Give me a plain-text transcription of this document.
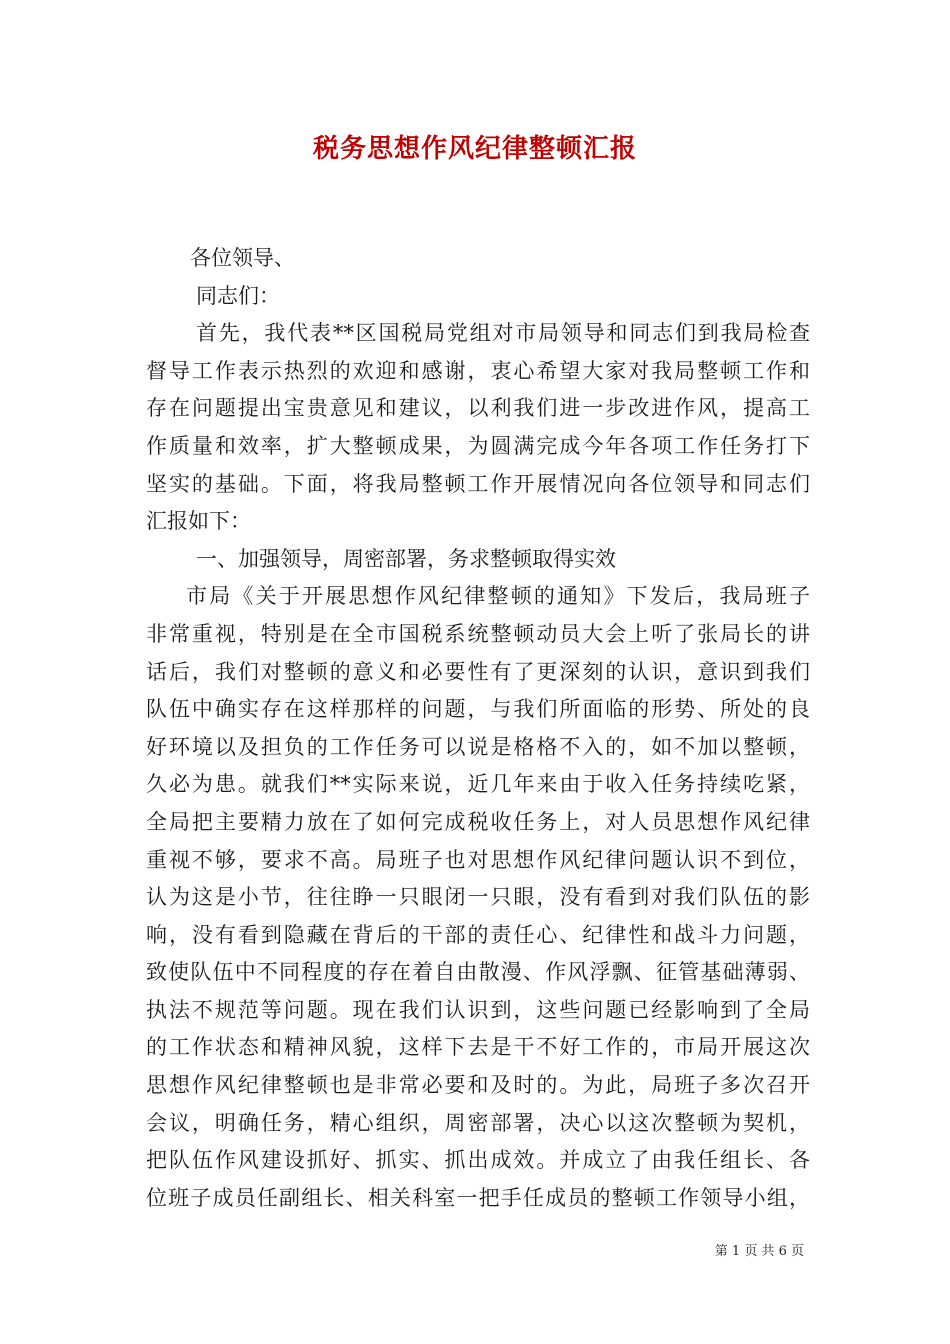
税务思想作风纪律整顿汇报
各位领导、
同志们：
首先，我代表**区国税局党组对市局领导和同志们到我局检查
督导工作表示热烈的欢迎和感谢，衷心希望大家对我局整顿工作和
存在问题提出宝贵意见和建议，以利我们进一步改进作风，提高工
作质量和效率，扩大整顿成果，为圆满完成今年各项工作任务打下
坚实的基础。下面，将我局整顿工作开展情况向各位领导和同志们
汇报如下：
一、加强领导，周密部署，务求整顿取得实效
市局《关于开展思想作风纪律整顿的通知》下发后，我局班子
非常重视，特别是在全市国税系统整顿动员大会上听了张局长的讲
话后，我们对整顿的意义和必要性有了更深刻的认识，意识到我们
队伍中确实存在这样那样的问题，与我们所面临的形势、所处的良
好环境以及担负的工作任务可以说是格格不入的，如不加以整顿，
久必为患。就我们**实际来说，近几年来由于收入任务持续吃紧，
全局把主要精力放在了如何完成税收任务上，对人员思想作风纪律
重视不够，要求不高。局班子也对思想作风纪律问题认识不到位，
认为这是小节，往往睁一只眼闭一只眼，没有看到对我们队伍的影
响，没有看到隐藏在背后的干部的责任心、纪律性和战斗力问题，
致使队伍中不同程度的存在着自由散漫、作风浮飘、征管基础薄弱、
执法不规范等问题。现在我们认识到，这些问题已经影响到了全局
的工作状态和精神风貌，这样下去是干不好工作的，市局开展这次
思想作风纪律整顿也是非常必要和及时的。为此，局班子多次召开
会议，明确任务，精心组织，周密部署，决心以这次整顿为契机，
把队伍作风建设抓好、抓实、抓出成效。并成立了由我任组长、各
位班子成员任副组长、相关科室一把手任成员的整顿工作领导小组，
第 1 页 共 6 页
